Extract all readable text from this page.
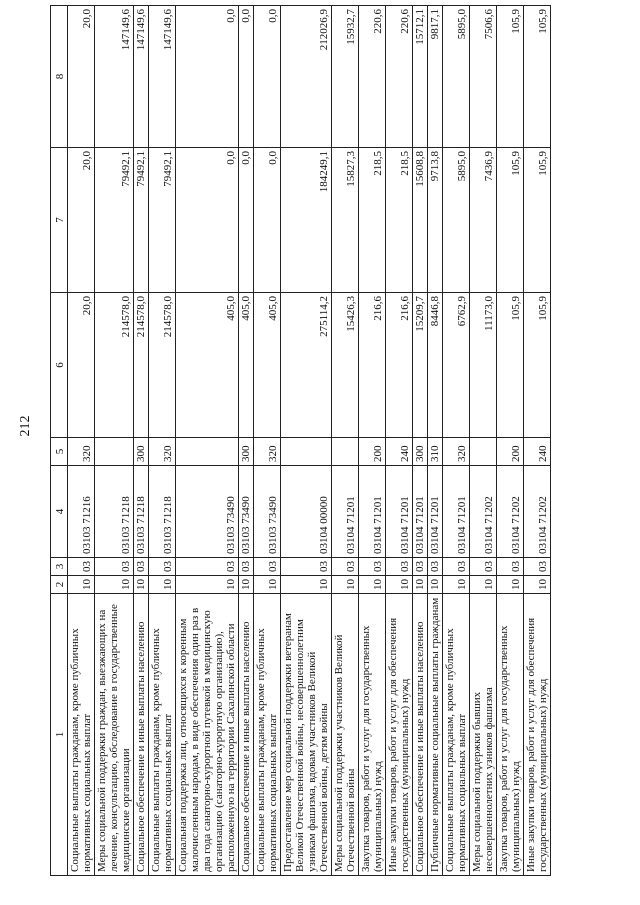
212
1	2	3	4	5	6	7	8
Социальные выплаты гражданам, кроме публичных нормативных социальных выплат	10	03	03103 71216	320	20,0	20,0	20,0
Меры социальной поддержки граждан, выезжающих на лечение, консультацию, обследование в государственные медицинские организации	10	03	03103 71218		214578,0	79492,1	147149,6
Социальное обеспечение и иные выплаты населению	10	03	03103 71218	300	214578,0	79492,1	147149,6
Социальные выплаты гражданам, кроме публичных нормативных социальных выплат	10	03	03103 71218	320	214578,0	79492,1	147149,6
Социальная поддержка лиц, относящихся к коренным малочисленным народам, в виде обеспечения один раз в два года санаторно-курортной путевкой в медицинскую организацию (санаторно-курортную организацию), расположенную на территории Сахалинской области	10	03	03103 73490		405,0	0,0	0,0
Социальное обеспечение и иные выплаты населению	10	03	03103 73490	300	405,0	0,0	0,0
Социальные выплаты гражданам, кроме публичных нормативных социальных выплат	10	03	03103 73490	320	405,0	0,0	0,0
Предоставление мер социальной поддержки ветеранам Великой Отечественной войны, несовершеннолетним узникам фашизма, вдовам участников Великой Отечественной войны, детям войны	10	03	03104 00000		275114,2	184249,1	212026,9
Меры социальной поддержки участников Великой Отечественной войны	10	03	03104 71201		15426,3	15827,3	15932,7
Закупка товаров, работ и услуг для государственных (муниципальных) нужд	10	03	03104 71201	200	216,6	218,5	220,6
Иные закупки товаров, работ и услуг для обеспечения государственных (муниципальных) нужд	10	03	03104 71201	240	216,6	218,5	220,6
Социальное обеспечение и иные выплаты населению	10	03	03104 71201	300	15209,7	15608,8	15712,1
Публичные нормативные социальные выплаты гражданам	10	03	03104 71201	310	8446,8	9713,8	9817,1
Социальные выплаты гражданам, кроме публичных нормативных социальных выплат	10	03	03104 71201	320	6762,9	5895,0	5895,0
Меры социальной поддержки бывших несовершеннолетних узников фашизма	10	03	03104 71202		11173,0	7436,9	7506,6
Закупка товаров, работ и услуг для государственных (муниципальных) нужд	10	03	03104 71202	200	105,9	105,9	105,9
Иные закупки товаров, работ и услуг для обеспечения государственных (муниципальных) нужд	10	03	03104 71202	240	105,9	105,9	105,9
